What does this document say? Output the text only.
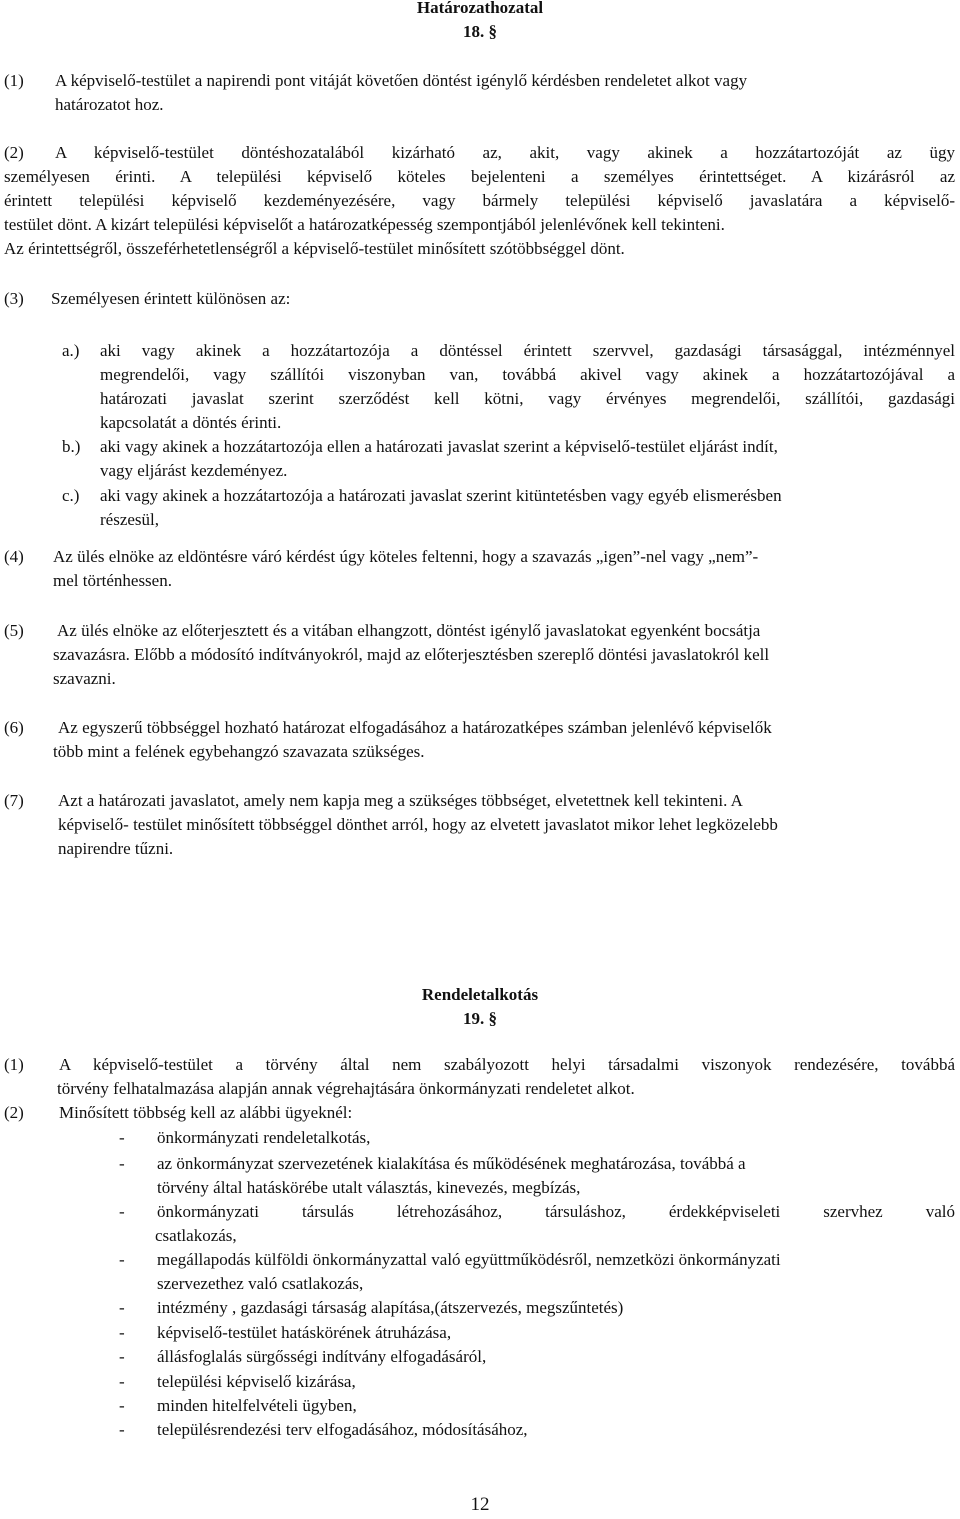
Határozathozatal

18. §

(1) A képviselő-testület a napirendi pont vitáját követően döntést igénylő kérdésben rendeletet alkot vagy

határozatot hoz.

(2) A képviselő-testület döntéshozatalából kizárható az, akit, vagy akinek a hozzátartozóját az ügy

személyesen érinti. A települési képviselő köteles bejelenteni a személyes érintettséget. A kizárásról az

érintett települési képviselő kezdeményezésére, vagy bármely települési képviselő javaslatára a képviselő-

testület dönt. A kizárt települési képviselőt a határozatképesség szempontjából jelenlévőnek kell tekinteni.

Az érintettségről, összeférhetetlenségről a képviselő-testület minősített szótöbbséggel dönt.

(3) Személyesen érintett különösen az:

a.) aki vagy akinek a hozzátartozója a döntéssel érintett szervvel, gazdasági társasággal, intézménnyel

megrendelői, vagy szállítói viszonyban van, továbbá akivel vagy akinek a hozzátartozójával a

határozati javaslat szerint szerződést kell kötni, vagy érvényes megrendelői, szállítói, gazdasági

kapcsolatát a döntés érinti.

b.) aki vagy akinek a hozzátartozója ellen a határozati javaslat szerint a képviselő-testület eljárást indít,

vagy eljárást kezdeményez.

c.) aki vagy akinek a hozzátartozója a határozati javaslat szerint kitüntetésben vagy egyéb elismerésben

részesül,

(4) Az ülés elnöke az eldöntésre váró kérdést úgy köteles feltenni, hogy a szavazás „igen”-nel vagy „nem”-

mel történhessen.

(5) Az ülés elnöke az előterjesztett és a vitában elhangzott, döntést igénylő javaslatokat egyenként bocsátja

szavazásra. Előbb a módosító indítványokról, majd az előterjesztésben szereplő döntési javaslatokról kell

szavazni.

(6) Az egyszerű többséggel hozható határozat elfogadásához a határozatképes számban jelenlévő képviselők

több mint a felének egybehangzó szavazata szükséges.

(7) Azt a határozati javaslatot, amely nem kapja meg a szükséges többséget, elvetettnek kell tekinteni. A

képviselő- testület minősített többséggel dönthet arról, hogy az elvetett javaslatot mikor lehet legközelebb

napirendre tűzni.

Rendeletalkotás

19. §

(1) A képviselő-testület a törvény által nem szabályozott helyi társadalmi viszonyok rendezésére, továbbá

törvény felhatalmazása alapján annak végrehajtására önkormányzati rendeletet alkot.

(2) Minősített többség kell az alábbi ügyeknél:

- önkormányzati rendeletalkotás,

- az önkormányzat szervezetének kialakítása és működésének meghatározása, továbbá a

törvény által hatáskörébe utalt választás, kinevezés, megbízás,

- önkormányzati társulás létrehozásához, társuláshoz, érdekképviseleti szervhez való

csatlakozás,

- megállapodás külföldi önkormányzattal való együttműködésről, nemzetközi önkormányzati

szervezethez való csatlakozás,

- intézmény , gazdasági társaság alapítása,(átszervezés, megszűntetés)

- képviselő-testület hatáskörének átruházása,

- állásfoglalás sürgősségi indítvány elfogadásáról,

- települési képviselő kizárása,

- minden hitelfelvételi ügyben,

- településrendezési terv elfogadásához, módosításához,

12
